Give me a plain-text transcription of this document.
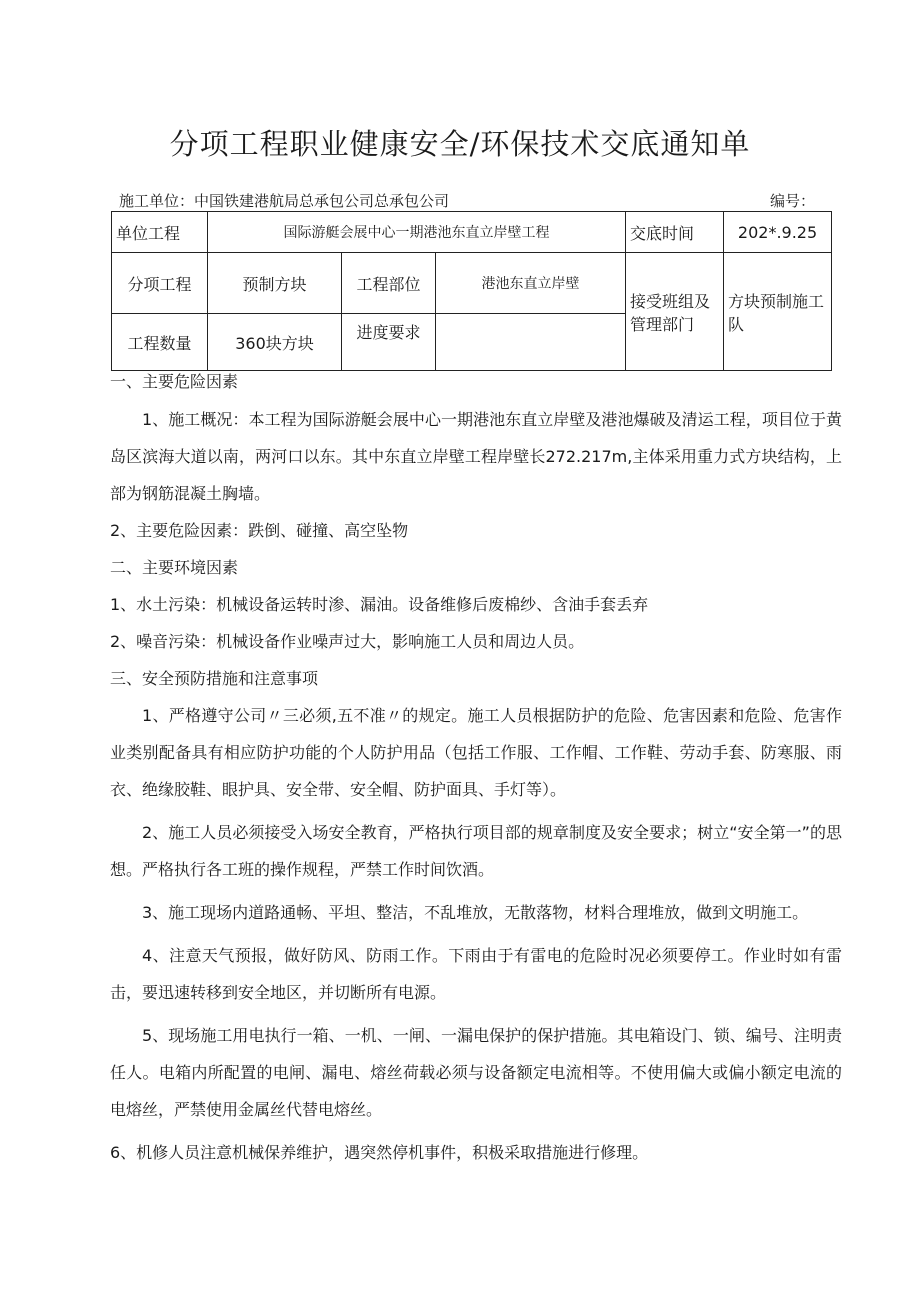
分项工程职业健康安全/环保技术交底通知单
施工单位：中国铁建港航局总承包公司总承包公司	编号：
单位工程	国际游艇会展中心一期港池东直立岸壁工程			交底时间	202*.9.25
分项工程	预制方块	工程部位	港池东直立岸壁	接受班组及管理部门	方块预制施工队
工程数量	360块方块	进度要求			

一、主要危险因素

1、施工概况：本工程为国际游艇会展中心一期港池东直立岸壁及港池爆破及清运工程，项目位于黄岛区滨海大道以南，两河口以东。其中东直立岸壁工程岸壁长272.217m,主体采用重力式方块结构，上部为钢筋混凝土胸墙。

2、主要危险因素：跌倒、碰撞、高空坠物

二、主要环境因素

1、水土污染：机械设备运转时渗、漏油。设备维修后废棉纱、含油手套丢弃

2、噪音污染：机械设备作业噪声过大，影响施工人员和周边人员。

三、安全预防措施和注意事项

1、严格遵守公司〃三必须,五不准〃的规定。施工人员根据防护的危险、危害因素和危险、危害作业类别配备具有相应防护功能的个人防护用品（包括工作服、工作帽、工作鞋、劳动手套、防寒服、雨衣、绝缘胶鞋、眼护具、安全带、安全帽、防护面具、手灯等）。

2、施工人员必须接受入场安全教育，严格执行项目部的规章制度及安全要求；树立“安全第一”的思想。严格执行各工班的操作规程，严禁工作时间饮酒。

3、施工现场内道路通畅、平坦、整洁，不乱堆放，无散落物，材料合理堆放，做到文明施工。

4、注意天气预报，做好防风、防雨工作。下雨由于有雷电的危险时况必须要停工。作业时如有雷击，要迅速转移到安全地区，并切断所有电源。

5、现场施工用电执行一箱、一机、一闸、一漏电保护的保护措施。其电箱设门、锁、编号、注明责任人。电箱内所配置的电闸、漏电、熔丝荷载必须与设备额定电流相等。不使用偏大或偏小额定电流的电熔丝，严禁使用金属丝代替电熔丝。

6、机修人员注意机械保养维护，遇突然停机事件，积极采取措施进行修理。
